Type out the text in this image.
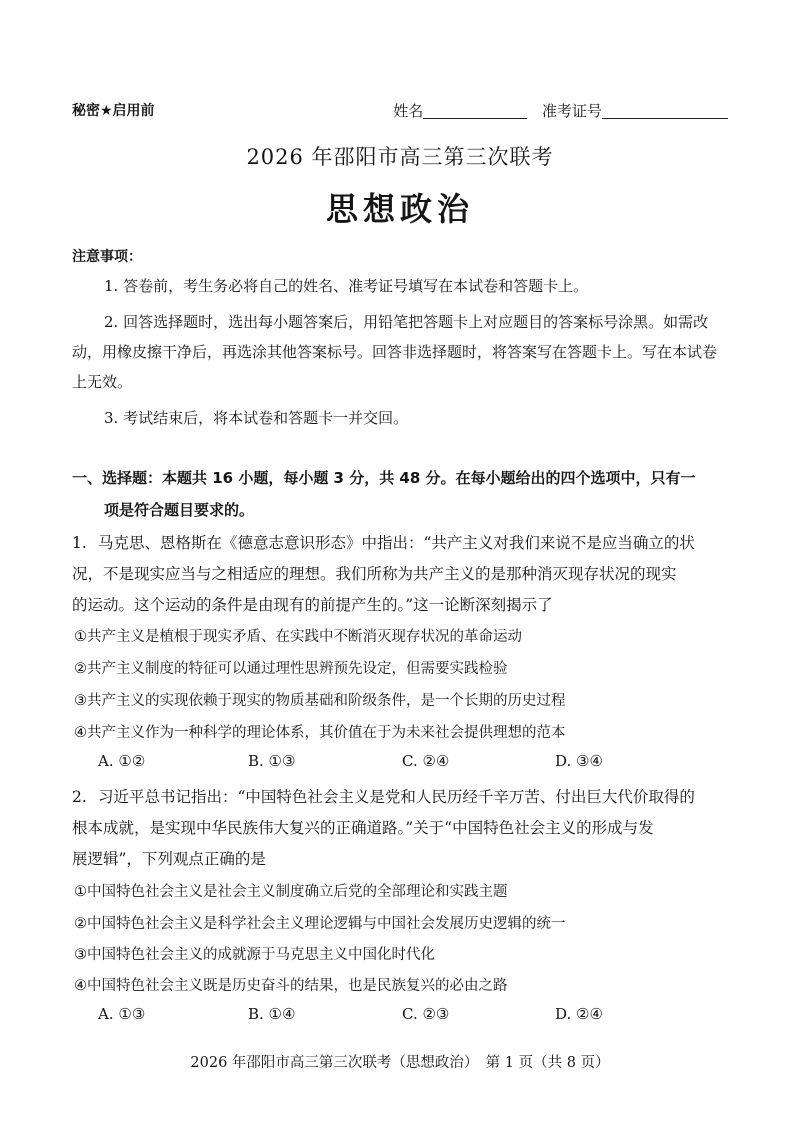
秘密★启用前	姓名	准考证号
2026 年邵阳市高三第三次联考
思想政治
注意事项：
1. 答卷前，考生务必将自己的姓名、准考证号填写在本试卷和答题卡上。
2. 回答选择题时，选出每小题答案后，用铅笔把答题卡上对应题目的答案标号涂黑。如需改动，用橡皮擦干净后，再选涂其他答案标号。回答非选择题时，将答案写在答题卡上。写在本试卷上无效。
3. 考试结束后，将本试卷和答题卡一并交回。
一、选择题：本题共 16 小题，每小题 3 分，共 48 分。在每小题给出的四个选项中，只有一
项是符合题目要求的。
1. 马克思、恩格斯在《德意志意识形态》中指出：“共产主义对我们来说不是应当确立的状
况，不是现实应当与之相适应的理想。我们所称为共产主义的是那种消灭现存状况的现实
的运动。这个运动的条件是由现有的前提产生的。”这一论断深刻揭示了
①共产主义是植根于现实矛盾、在实践中不断消灭现存状况的革命运动
②共产主义制度的特征可以通过理性思辨预先设定，但需要实践检验
③共产主义的实现依赖于现实的物质基础和阶级条件，是一个长期的历史过程
④共产主义作为一种科学的理论体系，其价值在于为未来社会提供理想的范本
A. ①②	B. ①③	C. ②④	D. ③④
2. 习近平总书记指出：“中国特色社会主义是党和人民历经千辛万苦、付出巨大代价取得的
根本成就，是实现中华民族伟大复兴的正确道路。”关于“中国特色社会主义的形成与发
展逻辑”，下列观点正确的是
①中国特色社会主义是社会主义制度确立后党的全部理论和实践主题
②中国特色社会主义是科学社会主义理论逻辑与中国社会发展历史逻辑的统一
③中国特色社会主义的成就源于马克思主义中国化时代化
④中国特色社会主义既是历史奋斗的结果，也是民族复兴的必由之路
A. ①③	B. ①④	C. ②③	D. ②④
2026 年邵阳市高三第三次联考（思想政治）　第 1 页（共 8 页）
